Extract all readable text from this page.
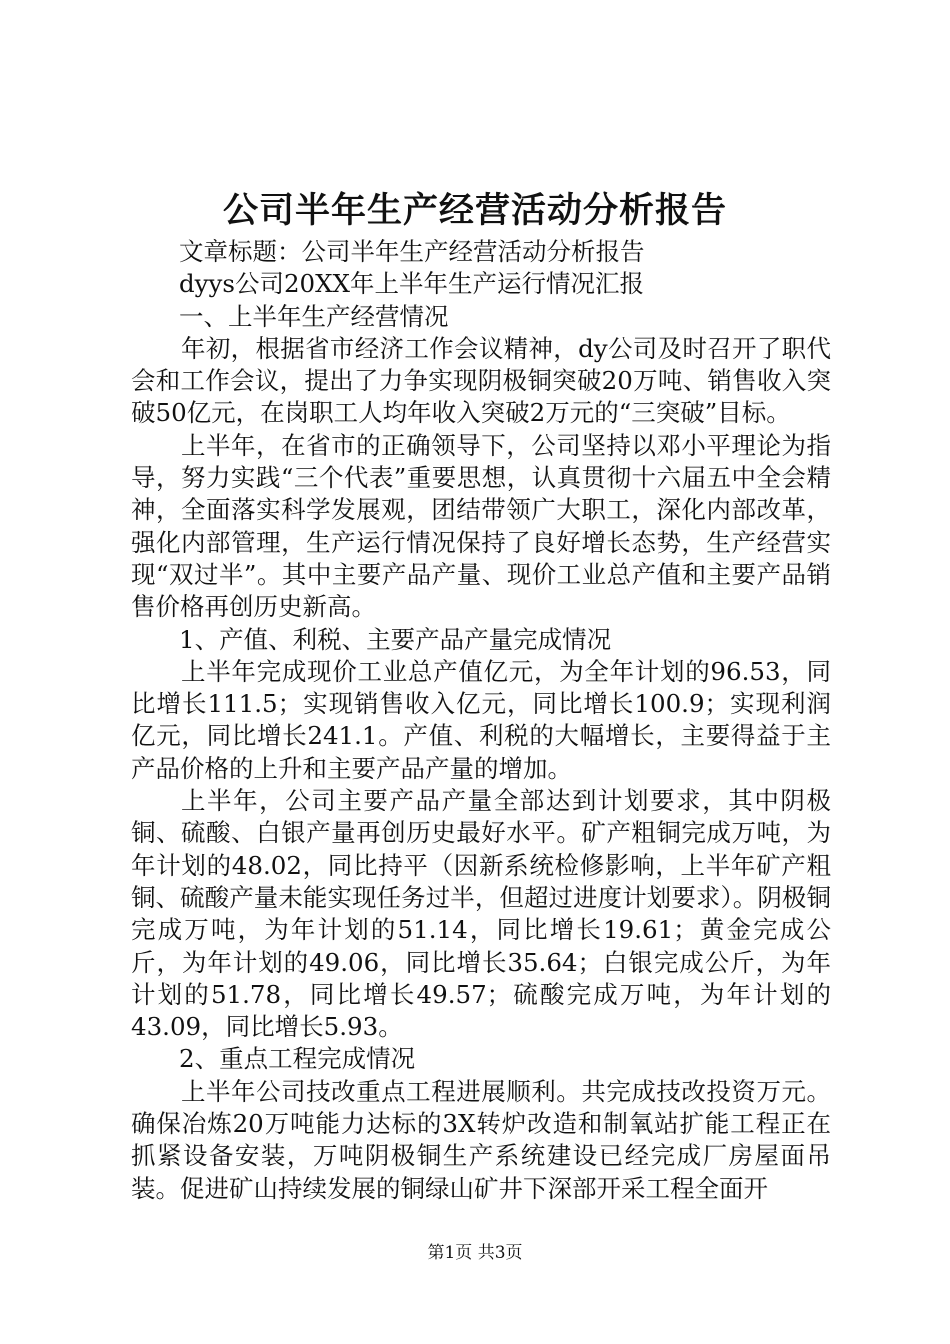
公司半年生产经营活动分析报告

文章标题：公司半年生产经营活动分析报告

dyys公司20XX年上半年生产运行情况汇报

一、上半年生产经营情况

年初，根据省市经济工作会议精神，dy公司及时召开了职代会和工作会议，提出了力争实现阴极铜突破20万吨、销售收入突破50亿元，在岗职工人均年收入突破2万元的“三突破”目标。

上半年，在省市的正确领导下，公司坚持以邓小平理论为指导，努力实践“三个代表”重要思想，认真贯彻十六届五中全会精神，全面落实科学发展观，团结带领广大职工，深化内部改革，强化内部管理，生产运行情况保持了良好增长态势，生产经营实现“双过半”。其中主要产品产量、现价工业总产值和主要产品销售价格再创历史新高。

1、产值、利税、主要产品产量完成情况

上半年完成现价工业总产值亿元，为全年计划的96.53，同比增长111.5；实现销售收入亿元，同比增长100.9；实现利润亿元，同比增长241.1。产值、利税的大幅增长，主要得益于主产品价格的上升和主要产品产量的增加。

上半年，公司主要产品产量全部达到计划要求，其中阴极铜、硫酸、白银产量再创历史最好水平。矿产粗铜完成万吨，为年计划的48.02，同比持平（因新系统检修影响，上半年矿产粗铜、硫酸产量未能实现任务过半，但超过进度计划要求）。阴极铜完成万吨，为年计划的51.14，同比增长19.61；黄金完成公斤，为年计划的49.06，同比增长35.64；白银完成公斤，为年计划的51.78，同比增长49.57；硫酸完成万吨，为年计划的43.09，同比增长5.93。

2、重点工程完成情况

上半年公司技改重点工程进展顺利。共完成技改投资万元。确保冶炼20万吨能力达标的3X转炉改造和制氧站扩能工程正在抓紧设备安装，万吨阴极铜生产系统建设已经完成厂房屋面吊装。促进矿山持续发展的铜绿山矿井下深部开采工程全面开

第1页 共3页
